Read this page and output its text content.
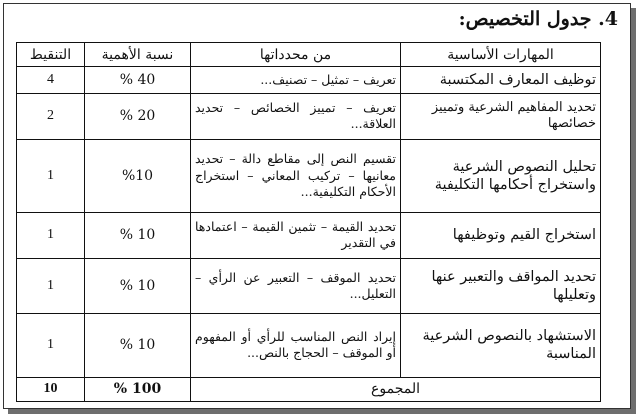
4. جدول التخصيص:
المهارات الأساسية	من محدداتها	نسبة الأهمية	التنقيط
توظيف المعارف المكتسبة	تعريف – تمثيل – تصنيف...	40 %	4
تحديد المفاهيم الشرعية وتمييز خصائصها	تعريف – تمييز الخصائص – تحديد العلاقة...	20 %	2
تحليل النصوص الشرعية واستخراج أحكامها التكليفية	تقسيم النص إلى مقاطع دالة – تحديد معانيها – تركيب المعاني – استخراج الأحكام التكليفية...	%10	1
استخراج القيم وتوظيفها	تحديد القيمة – تثمين القيمة – اعتمادها في التقدير	10 %	1
تحديد المواقف والتعبير عنها وتعليلها	تحديد الموقف – التعبير عن الرأي – التعليل...	10 %	1
الاستشهاد بالنصوص الشرعية المناسبة	إيراد النص المناسب للرأي أو المفهوم أو الموقف – الحجاج بالنص...	10 %	1
المجموع		100 %	10
